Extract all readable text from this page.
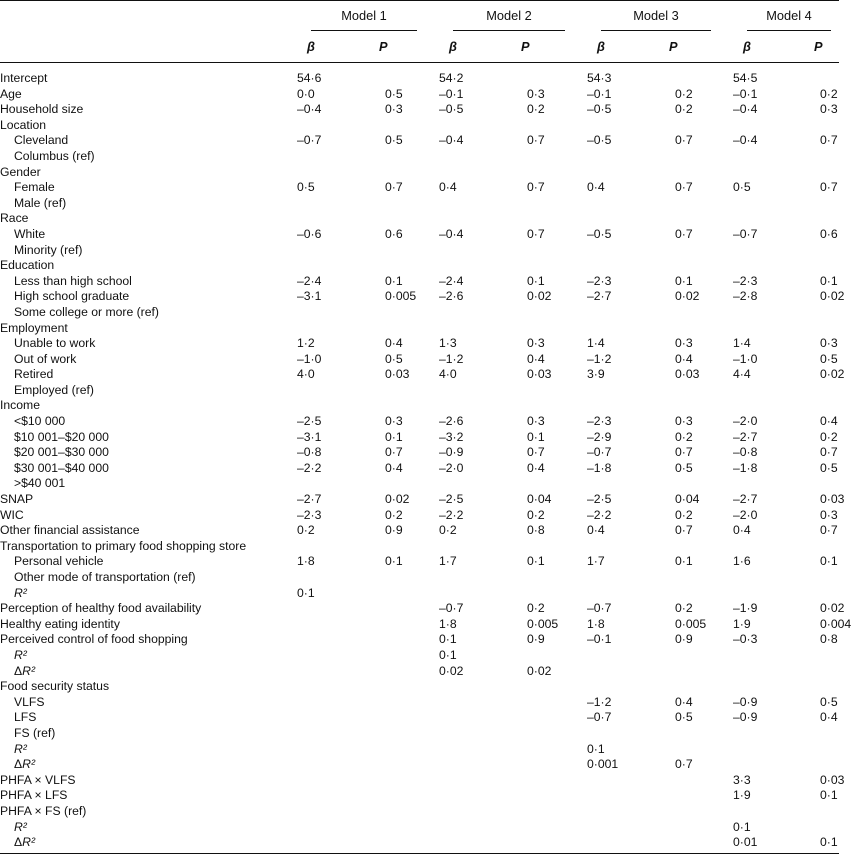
	Model 1		Model 2		Model 3		Model 4	

	β	P	β	P	β	P	β	P
Intercept	54·6		54·2		54·3		54·5	
Age	0·0	0·5	–0·1	0·3	–0·1	0·2	–0·1	0·2
Household size	–0·4	0·3	–0·5	0·2	–0·5	0·2	–0·4	0·3
Location								
Cleveland	–0·7	0·5	–0·4	0·7	–0·5	0·7	–0·4	0·7
Columbus (ref)								
Gender								
Female	0·5	0·7	0·4	0·7	0·4	0·7	0·5	0·7
Male (ref)								
Race								
White	–0·6	0·6	–0·4	0·7	–0·5	0·7	–0·7	0·6
Minority (ref)								
Education								
Less than high school	–2·4	0·1	–2·4	0·1	–2·3	0·1	–2·3	0·1
High school graduate	–3·1	0·005	–2·6	0·02	–2·7	0·02	–2·8	0·02
Some college or more (ref)								
Employment								
Unable to work	1·2	0·4	1·3	0·3	1·4	0·3	1·4	0·3
Out of work	–1·0	0·5	–1·2	0·4	–1·2	0·4	–1·0	0·5
Retired	4·0	0·03	4·0	0·03	3·9	0·03	4·4	0·02
Employed (ref)								
Income								
<$10 000	–2·5	0·3	–2·6	0·3	–2·3	0·3	–2·0	0·4
$10 001–$20 000	–3·1	0·1	–3·2	0·1	–2·9	0·2	–2·7	0·2
$20 001–$30 000	–0·8	0·7	–0·9	0·7	–0·7	0·7	–0·8	0·7
$30 001–$40 000	–2·2	0·4	–2·0	0·4	–1·8	0·5	–1·8	0·5
>$40 001								
SNAP	–2·7	0·02	–2·5	0·04	–2·5	0·04	–2·7	0·03
WIC	–2·3	0·2	–2·2	0·2	–2·2	0·2	–2·0	0·3
Other financial assistance	0·2	0·9	0·2	0·8	0·4	0·7	0·4	0·7
Transportation to primary food shopping store								
Personal vehicle	1·8	0·1	1·7	0·1	1·7	0·1	1·6	0·1
Other mode of transportation (ref)								
R²	0·1							
Perception of healthy food availability			–0·7	0·2	–0·7	0·2	–1·9	0·02
Healthy eating identity			1·8	0·005	1·8	0·005	1·9	0·004
Perceived control of food shopping			0·1	0·9	–0·1	0·9	–0·3	0·8
R²			0·1					
ΔR²			0·02	0·02				
Food security status								
VLFS					–1·2	0·4	–0·9	0·5
LFS					–0·7	0·5	–0·9	0·4
FS (ref)								
R²					0·1			
ΔR²					0·001	0·7		
PHFA × VLFS							3·3	0·03
PHFA × LFS							1·9	0·1
PHFA × FS (ref)								
R²							0·1	
ΔR²							0·01	0·1
